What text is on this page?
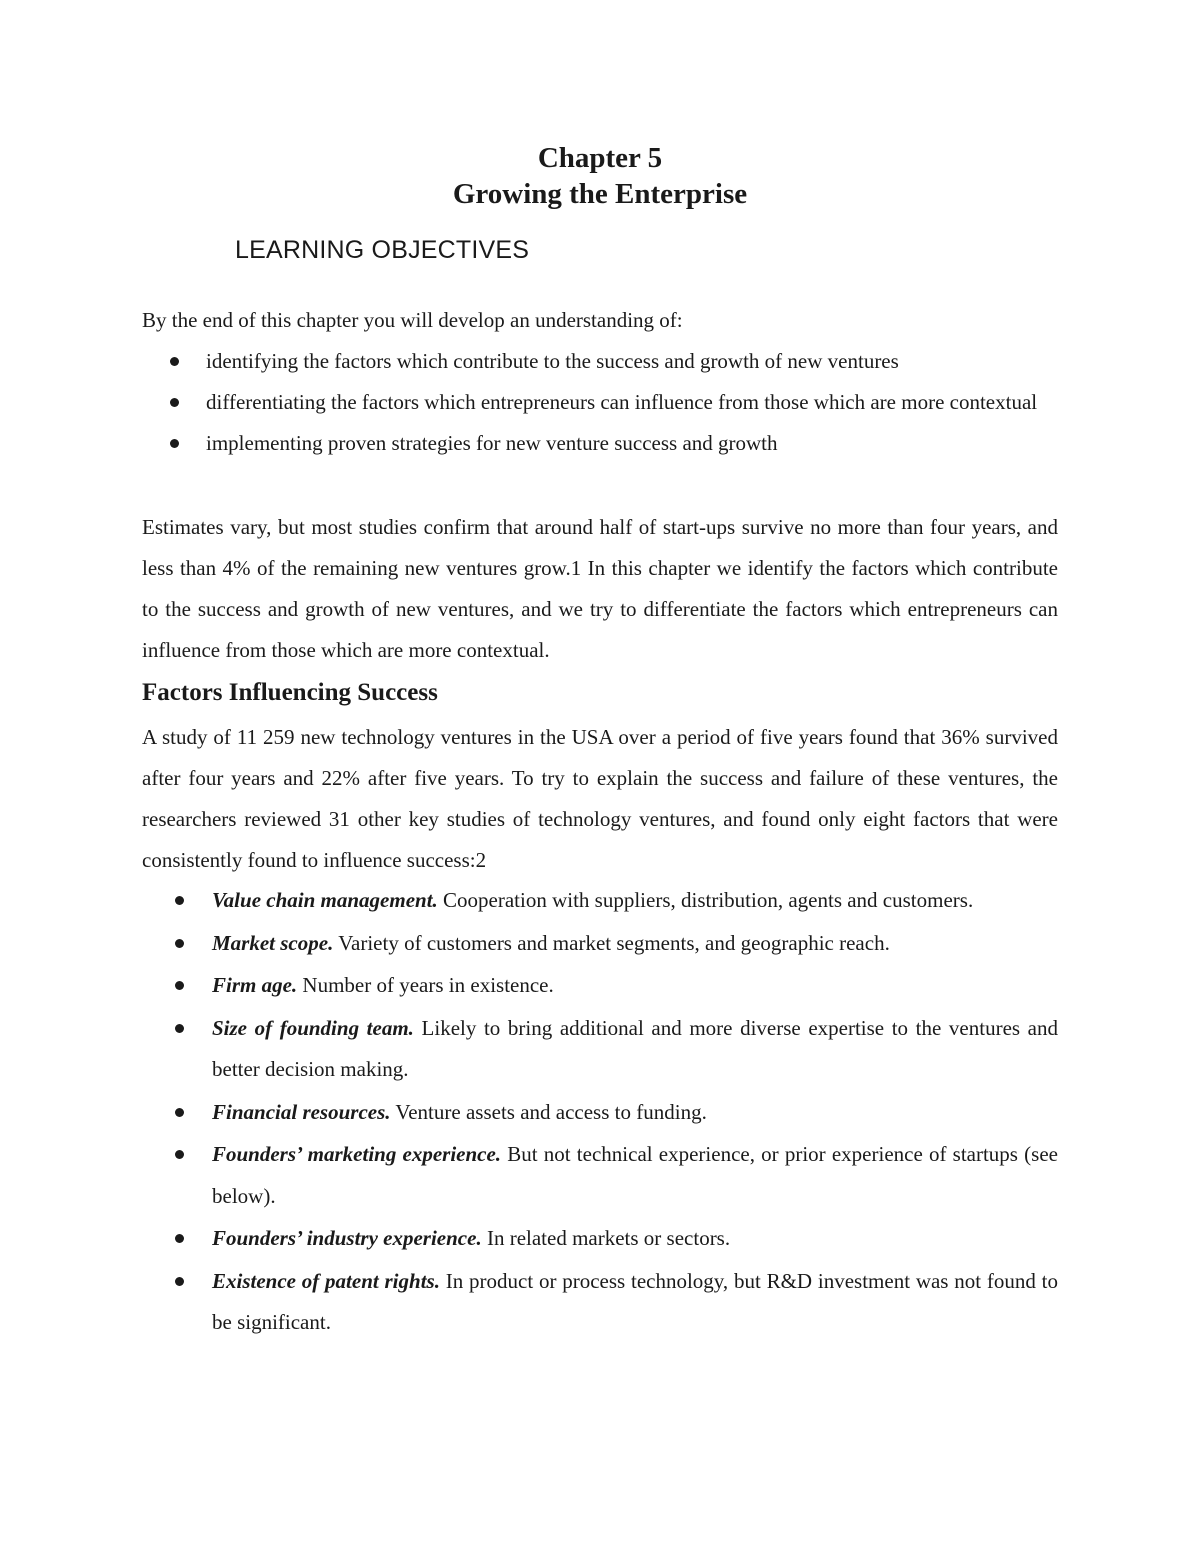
Chapter 5
Growing the Enterprise
LEARNING OBJECTIVES
By the end of this chapter you will develop an understanding of:
identifying the factors which contribute to the success and growth of new ventures
differentiating the factors which entrepreneurs can influence from those which are more contextual
implementing proven strategies for new venture success and growth
Estimates vary, but most studies confirm that around half of start-ups survive no more than four years, and less than 4% of the remaining new ventures grow.1 In this chapter we identify the factors which contribute to the success and growth of new ventures, and we try to differentiate the factors which entrepreneurs can influence from those which are more contextual.
Factors Influencing Success
A study of 11 259 new technology ventures in the USA over a period of five years found that 36% survived after four years and 22% after five years. To try to explain the success and failure of these ventures, the researchers reviewed 31 other key studies of technology ventures, and found only eight factors that were consistently found to influence success:2
Value chain management. Cooperation with suppliers, distribution, agents and customers.
Market scope. Variety of customers and market segments, and geographic reach.
Firm age. Number of years in existence.
Size of founding team. Likely to bring additional and more diverse expertise to the ventures and better decision making.
Financial resources. Venture assets and access to funding.
Founders’ marketing experience. But not technical experience, or prior experience of startups (see below).
Founders’ industry experience. In related markets or sectors.
Existence of patent rights. In product or process technology, but R&D investment was not found to be significant.
